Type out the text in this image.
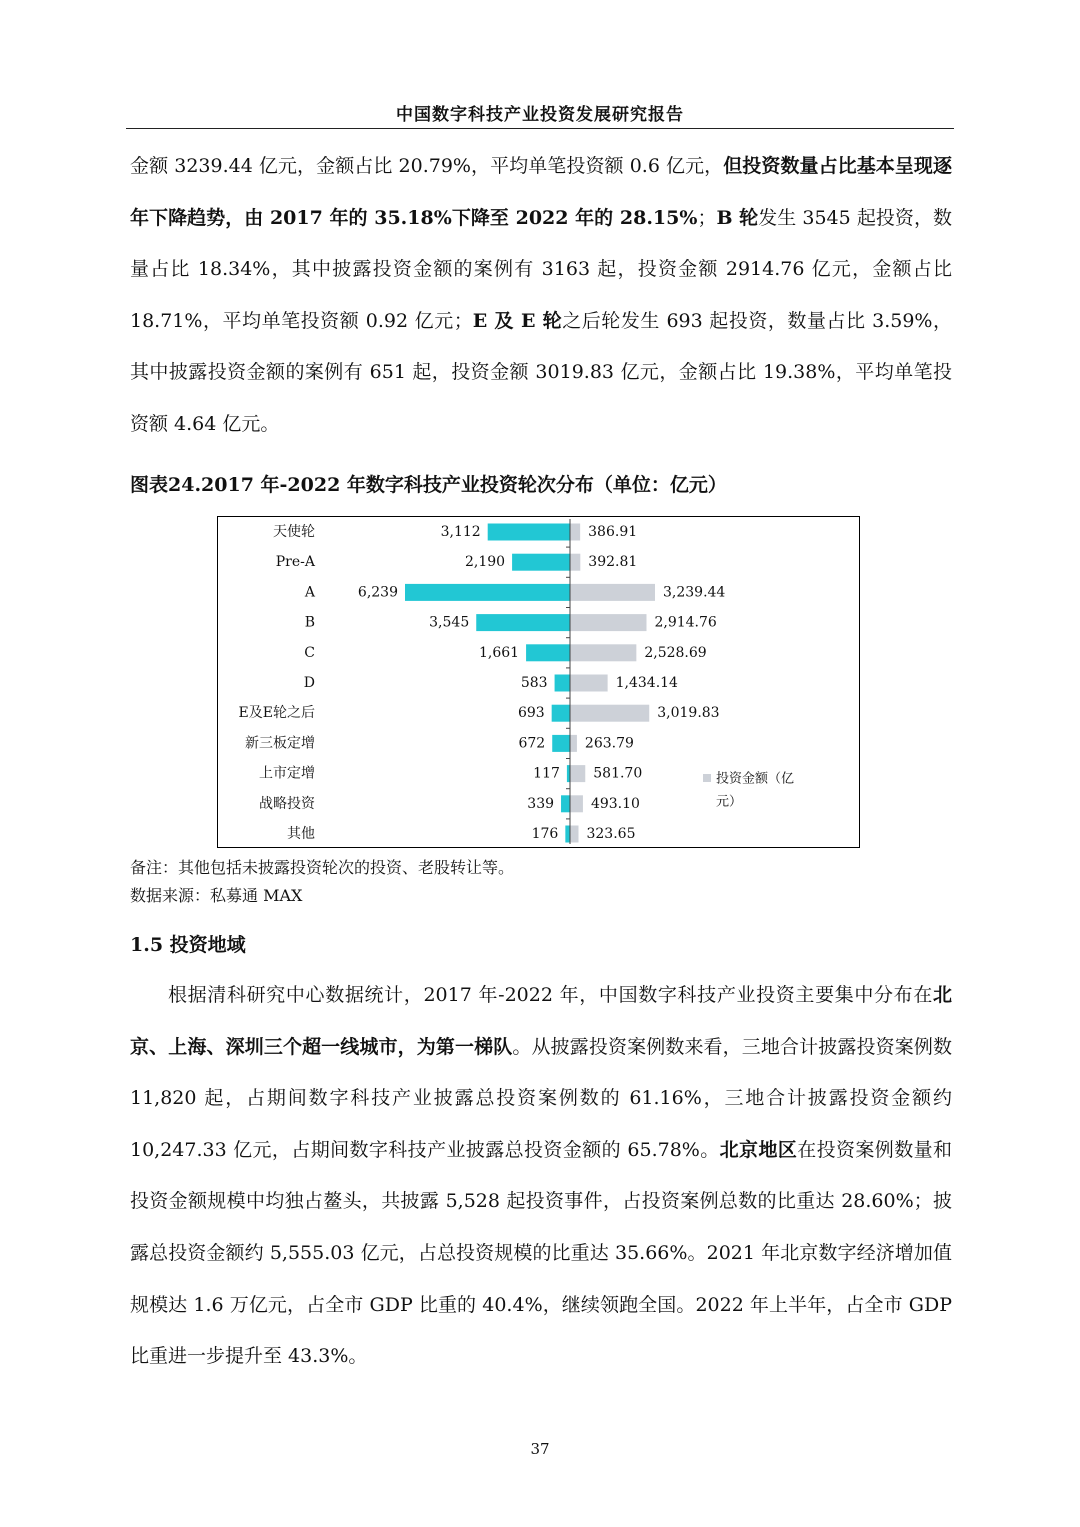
中国数字科技产业投资发展研究报告

金额 3239.44 亿元，金额占比 20.79%，平均单笔投资额 0.6 亿元，但投资数量占比基本呈现逐年下降趋势，由 2017 年的 35.18%下降至 2022 年的 28.15%；B 轮发生 3545 起投资，数量占比 18.34%，其中披露投资金额的案例有 3163 起，投资金额 2914.76 亿元，金额占比 18.71%，平均单笔投资额 0.92 亿元；E 及 E 轮之后轮发生 693 起投资，数量占比 3.59%，其中披露投资金额的案例有 651 起，投资金额 3019.83 亿元，金额占比 19.38%，平均单笔投资额 4.64 亿元。

图表24.2017 年-2022 年数字科技产业投资轮次分布（单位：亿元）
天使轮	3,112	386.91
Pre-A	2,190	392.81
A	6,239	3,239.44
B	3,545	2,914.76
C	1,661	2,528.69
D	583	1,434.14
E及E轮之后	693	3,019.83
新三板定增	672	263.79
上市定增	117 581.70
战略投资	339	493.10
其他	176 323.65
投资金额（亿
元）
备注：其他包括未披露投资轮次的投资、老股转让等。
数据来源：私募通 MAX
1.5 投资地域

根据清科研究中心数据统计，2017 年-2022 年，中国数字科技产业投资主要集中分布在北京、上海、深圳三个超一线城市，为第一梯队。从披露投资案例数来看，三地合计披露投资案例数 11,820 起，占期间数字科技产业披露总投资案例数的 61.16%，三地合计披露投资金额约 10,247.33 亿元，占期间数字科技产业披露总投资金额的 65.78%。北京地区在投资案例数量和投资金额规模中均独占鳌头，共披露 5,528 起投资事件，占投资案例总数的比重达 28.60%；披露总投资金额约 5,555.03 亿元，占总投资规模的比重达 35.66%。2021 年北京数字经济增加值规模达 1.6 万亿元，占全市 GDP 比重的 40.4%，继续领跑全国。2022 年上半年，占全市 GDP 比重进一步提升至 43.3%。

37
